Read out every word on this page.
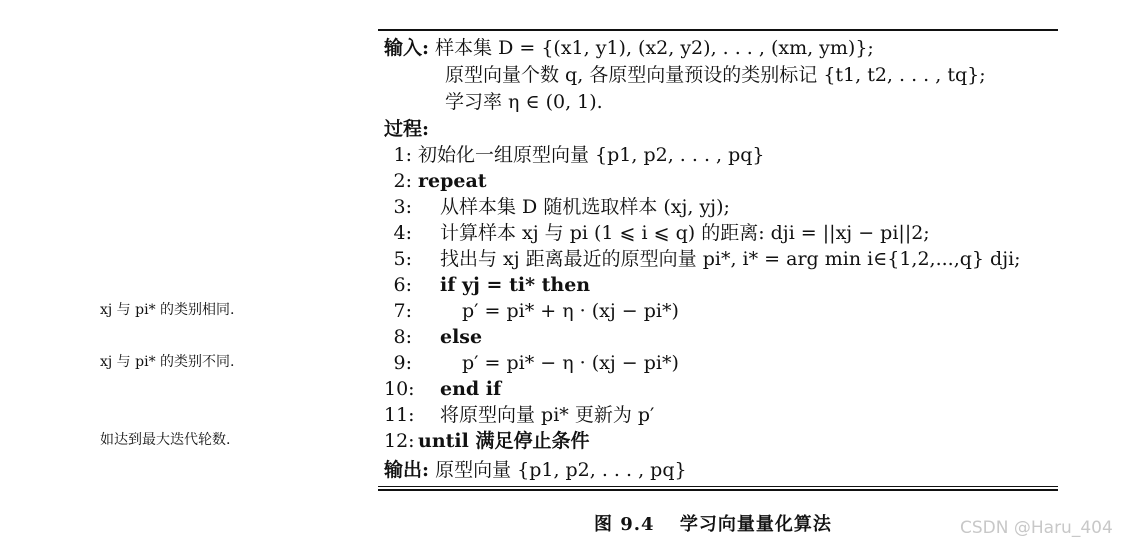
输入: 样本集 D = {(x1, y1), (x2, y2), . . . , (xm, ym)};
原型向量个数 q, 各原型向量预设的类别标记 {t1, t2, . . . , tq};
学习率 η ∈ (0, 1).
过程:
1: 初始化一组原型向量 {p1, p2, . . . , pq}
2: repeat
3: 从样本集 D 随机选取样本 (xj, yj);
4: 计算样本 xj 与 pi (1 ⩽ i ⩽ q) 的距离: dji = ||xj − pi||2;
5: 找出与 xj 距离最近的原型向量 pi*, i* = arg min i∈{1,2,...,q} dji;
6: if yj = ti* then
7:	p′ = pi* + η · (xj − pi*)
8: else
9:	p′ = pi* − η · (xj − pi*)
10: end if
11: 将原型向量 pi* 更新为 p′
12: until 满足停止条件
输出: 原型向量 {p1, p2, . . . , pq}
xj 与 pi* 的类别相同.
xj 与 pi* 的类别不同.
如达到最大迭代轮数.
图 9.4 学习向量量化算法	CSDN @Haru_404
